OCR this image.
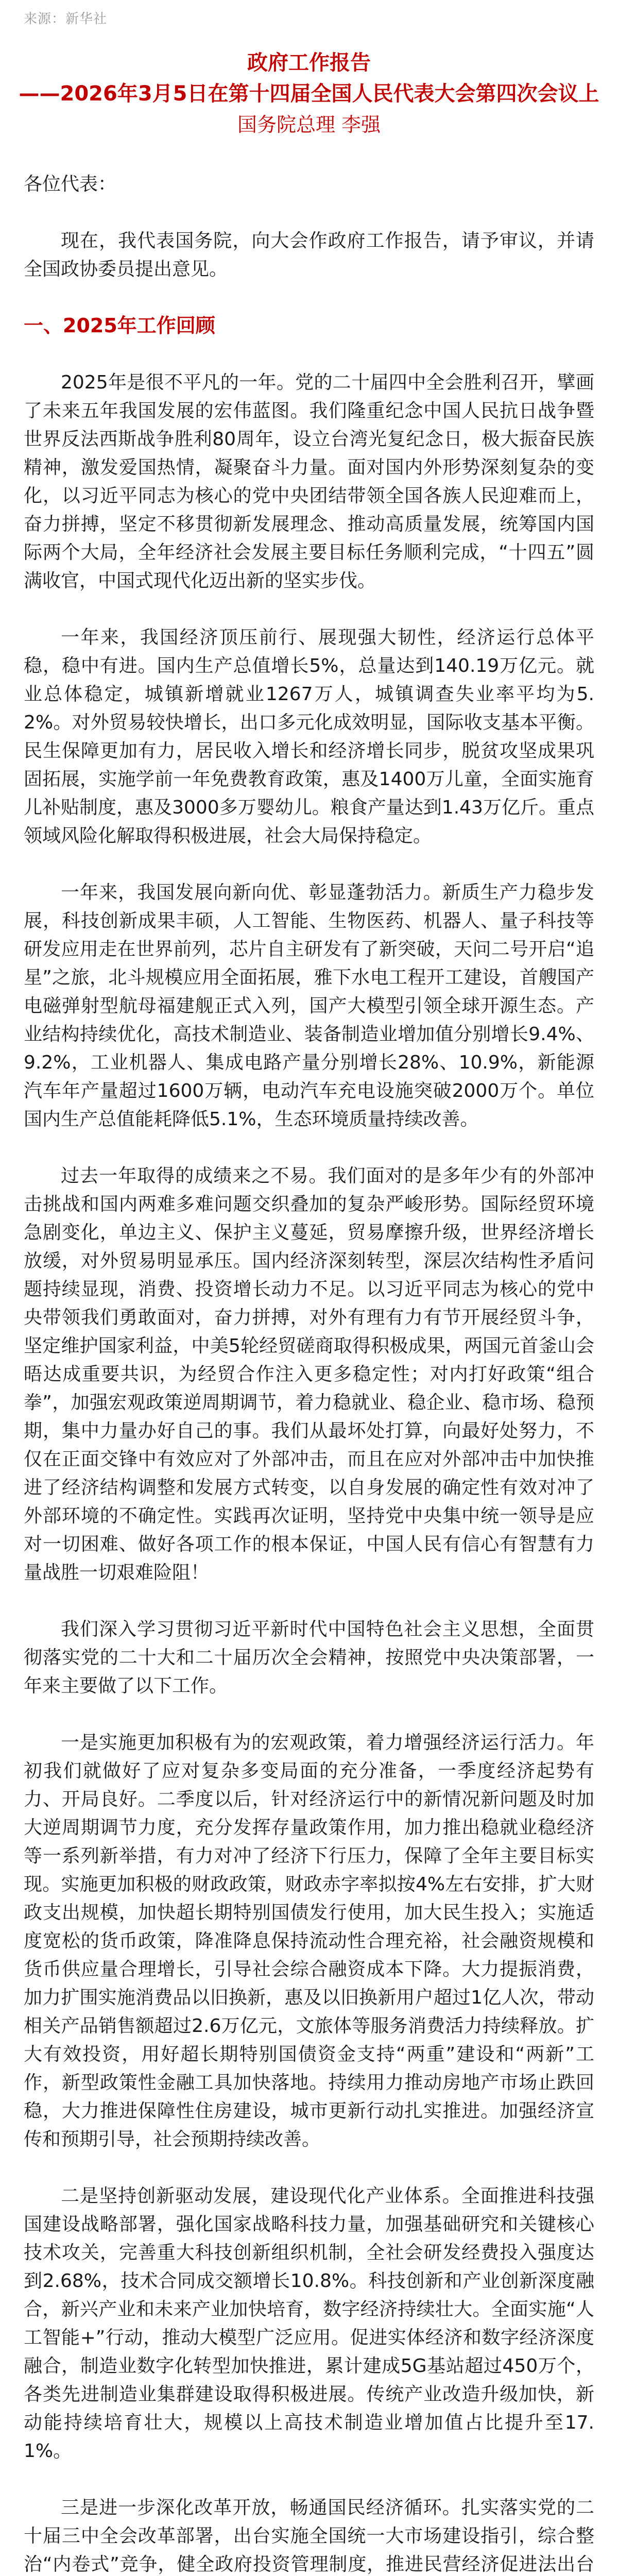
来源：新华社

政府工作报告

——2026年3月5日在第十四届全国人民代表大会第四次会议上

国务院总理 李强

各位代表：

现在，我代表国务院，向大会作政府工作报告，请予审议，并请全国政协委员提出意见。

一、2025年工作回顾

2025年是很不平凡的一年。党的二十届四中全会胜利召开，擘画了未来五年我国发展的宏伟蓝图。我们隆重纪念中国人民抗日战争暨世界反法西斯战争胜利80周年，设立台湾光复纪念日，极大振奋民族精神，激发爱国热情，凝聚奋斗力量。面对国内外形势深刻复杂的变化，以习近平同志为核心的党中央团结带领全国各族人民迎难而上，奋力拼搏，坚定不移贯彻新发展理念、推动高质量发展，统筹国内国际两个大局，全年经济社会发展主要目标任务顺利完成，“十四五”圆满收官，中国式现代化迈出新的坚实步伐。

一年来，我国经济顶压前行、展现强大韧性，经济运行总体平稳，稳中有进。国内生产总值增长5%，总量达到140.19万亿元。就业总体稳定，城镇新增就业1267万人，城镇调查失业率平均为5.2%。对外贸易较快增长，出口多元化成效明显，国际收支基本平衡。民生保障更加有力，居民收入增长和经济增长同步，脱贫攻坚成果巩固拓展，实施学前一年免费教育政策，惠及1400万儿童，全面实施育儿补贴制度，惠及3000多万婴幼儿。粮食产量达到1.43万亿斤。重点领域风险化解取得积极进展，社会大局保持稳定。

一年来，我国发展向新向优、彰显蓬勃活力。新质生产力稳步发展，科技创新成果丰硕，人工智能、生物医药、机器人、量子科技等研发应用走在世界前列，芯片自主研发有了新突破，天问二号开启“追星”之旅，北斗规模应用全面拓展，雅下水电工程开工建设，首艘国产电磁弹射型航母福建舰正式入列，国产大模型引领全球开源生态。产业结构持续优化，高技术制造业、装备制造业增加值分别增长9.4%、9.2%，工业机器人、集成电路产量分别增长28%、10.9%，新能源汽车年产量超过1600万辆，电动汽车充电设施突破2000万个。单位国内生产总值能耗降低5.1%，生态环境质量持续改善。

过去一年取得的成绩来之不易。我们面对的是多年少有的外部冲击挑战和国内两难多难问题交织叠加的复杂严峻形势。国际经贸环境急剧变化，单边主义、保护主义蔓延，贸易摩擦升级，世界经济增长放缓，对外贸易明显承压。国内经济深刻转型，深层次结构性矛盾问题持续显现，消费、投资增长动力不足。以习近平同志为核心的党中央带领我们勇敢面对，奋力拼搏，对外有理有力有节开展经贸斗争，坚定维护国家利益，中美5轮经贸磋商取得积极成果，两国元首釜山会晤达成重要共识，为经贸合作注入更多稳定性；对内打好政策“组合拳”，加强宏观政策逆周期调节，着力稳就业、稳企业、稳市场、稳预期，集中力量办好自己的事。我们从最坏处打算，向最好处努力，不仅在正面交锋中有效应对了外部冲击，而且在应对外部冲击中加快推进了经济结构调整和发展方式转变，以自身发展的确定性有效对冲了外部环境的不确定性。实践再次证明，坚持党中央集中统一领导是应对一切困难、做好各项工作的根本保证，中国人民有信心有智慧有力量战胜一切艰难险阻！

我们深入学习贯彻习近平新时代中国特色社会主义思想，全面贯彻落实党的二十大和二十届历次全会精神，按照党中央决策部署，一年来主要做了以下工作。

一是实施更加积极有为的宏观政策，着力增强经济运行活力。年初我们就做好了应对复杂多变局面的充分准备，一季度经济起势有力、开局良好。二季度以后，针对经济运行中的新情况新问题及时加大逆周期调节力度，充分发挥存量政策作用，加力推出稳就业稳经济等一系列新举措，有力对冲了经济下行压力，保障了全年主要目标实现。实施更加积极的财政政策，财政赤字率拟按4%左右安排，扩大财政支出规模，加快超长期特别国债发行使用，加大民生投入；实施适度宽松的货币政策，降准降息保持流动性合理充裕，社会融资规模和货币供应量合理增长，引导社会综合融资成本下降。大力提振消费，加力扩围实施消费品以旧换新，惠及以旧换新用户超过1亿人次，带动相关产品销售额超过2.6万亿元，文旅体等服务消费活力持续释放。扩大有效投资，用好超长期特别国债资金支持“两重”建设和“两新”工作，新型政策性金融工具加快落地。持续用力推动房地产市场止跌回稳，大力推进保障性住房建设，城市更新行动扎实推进。加强经济宣传和预期引导，社会预期持续改善。

二是坚持创新驱动发展，建设现代化产业体系。全面推进科技强国建设战略部署，强化国家战略科技力量，加强基础研究和关键核心技术攻关，完善重大科技创新组织机制，全社会研发经费投入强度达到2.68%，技术合同成交额增长10.8%。科技创新和产业创新深度融合，新兴产业和未来产业加快培育，数字经济持续壮大。全面实施“人工智能+”行动，推动大模型广泛应用。促进实体经济和数字经济深度融合，制造业数字化转型加快推进，累计建成5G基站超过450万个，各类先进制造业集群建设取得积极进展。传统产业改造升级加快，新动能持续培育壮大，规模以上高技术制造业增加值占比提升至17.1%。

三是进一步深化改革开放，畅通国民经济循环。扎实落实党的二十届三中全会改革部署，出台实施全国统一大市场建设指引，综合整治“内卷式”竞争，健全政府投资管理制度，推进民营经济促进法出台
